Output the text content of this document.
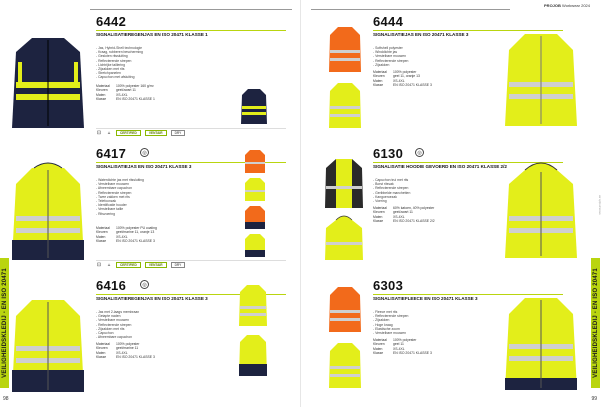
6442
SIGNALISATIEREGENJAS EN ISO 20471 KLASSE 1
- Jas, Hybrid-Shell technologie
- Kraag, rubberen bescherming
- Gesloten ritssluiting
- Reflecterende strepen
- Lichtrijke taillering
- Zijzakken met rits
- Stretchpanelen
- Capuchon met afsluiting
Materiaal	100% polyester 160 g/m²
Kleuren	geel/zwart 11
Maten	XS-4XL
Klasse	EN ISO 20471 KLASSE 1
⊡	▵	CERTIFIED	VENTAIR	DRY
6417	◎
SIGNALISATIEJAS EN ISO 20471 KLASSE 3
- Waterdichte jas met ritssluiting
- Verstelbare mouwen
- Afneembare capuchon
- Reflecterende strepen
- Twee zakken met rits
- Telefoonzak
- Identificatie houder
- Verstelbare taille
- Ritsvoering
Materiaal	100% polyester PU coating
Kleuren	geel/marine 11, oranje 13
Maten	XS-4XL
Klasse	EN ISO 20471 KLASSE 3
⊡	▵	CERTIFIED	VENTAIR	DRY
6416	◎
SIGNALISATIEREGENJAS EN ISO 20471 KLASSE 3
- Jas met 2-laags membraan
- Getapte naden
- Verstelbare mouwen
- Reflecterende strepen
- Zijzakken met rits
- Capuchon
- Afneembare capuchon
Materiaal	100% polyester
Kleuren	geel/marine 11
Maten	XS-4XL
Klasse	EN ISO 20471 KLASSE 3
VEILIGHEIDSKLEDIJ - EN ISO 20471
98
PROJOB Workwear 2024
6444
SIGNALISATIEJAS EN ISO 20471 KLASSE 3
- Softshell polyester
- Winddichte jas
- Verstelbare mouwen
- Reflecterende strepen
- Zijzakken
Materiaal	100% polyester
Kleuren	geel 11, oranje 13
Maten	XS-4XL
Klasse	EN ISO 20471 KLASSE 3
6130	◎
SIGNALISATIE HOODIE GEVOERD EN ISO 20471 KLASSE 2/2
- Capuchon trui met rits
- Borst ritsvak
- Reflecterende strepen
- Geribbelde manchetten
- Kangoeroezak
- Voering
Materiaal	60% katoen, 40% polyester
Kleuren	geel/zwart 11
Maten	XS-4XL
Klasse	EN ISO 20471 KLASSE 2/2
6303
SIGNALISATIEFLEECE EN ISO 20471 KLASSE 3
- Fleece met rits
- Reflecterende strepen
- Zijzakken
- Hoge kraag
- Elastische zoom
- Verstelbare mouwen
Materiaal	100% polyester
Kleuren	geel 11
Maten	XS-4XL
Klasse	EN ISO 20471 KLASSE 3
www.projob.se
VEILIGHEIDSKLEDIJ - EN ISO 20471
99
